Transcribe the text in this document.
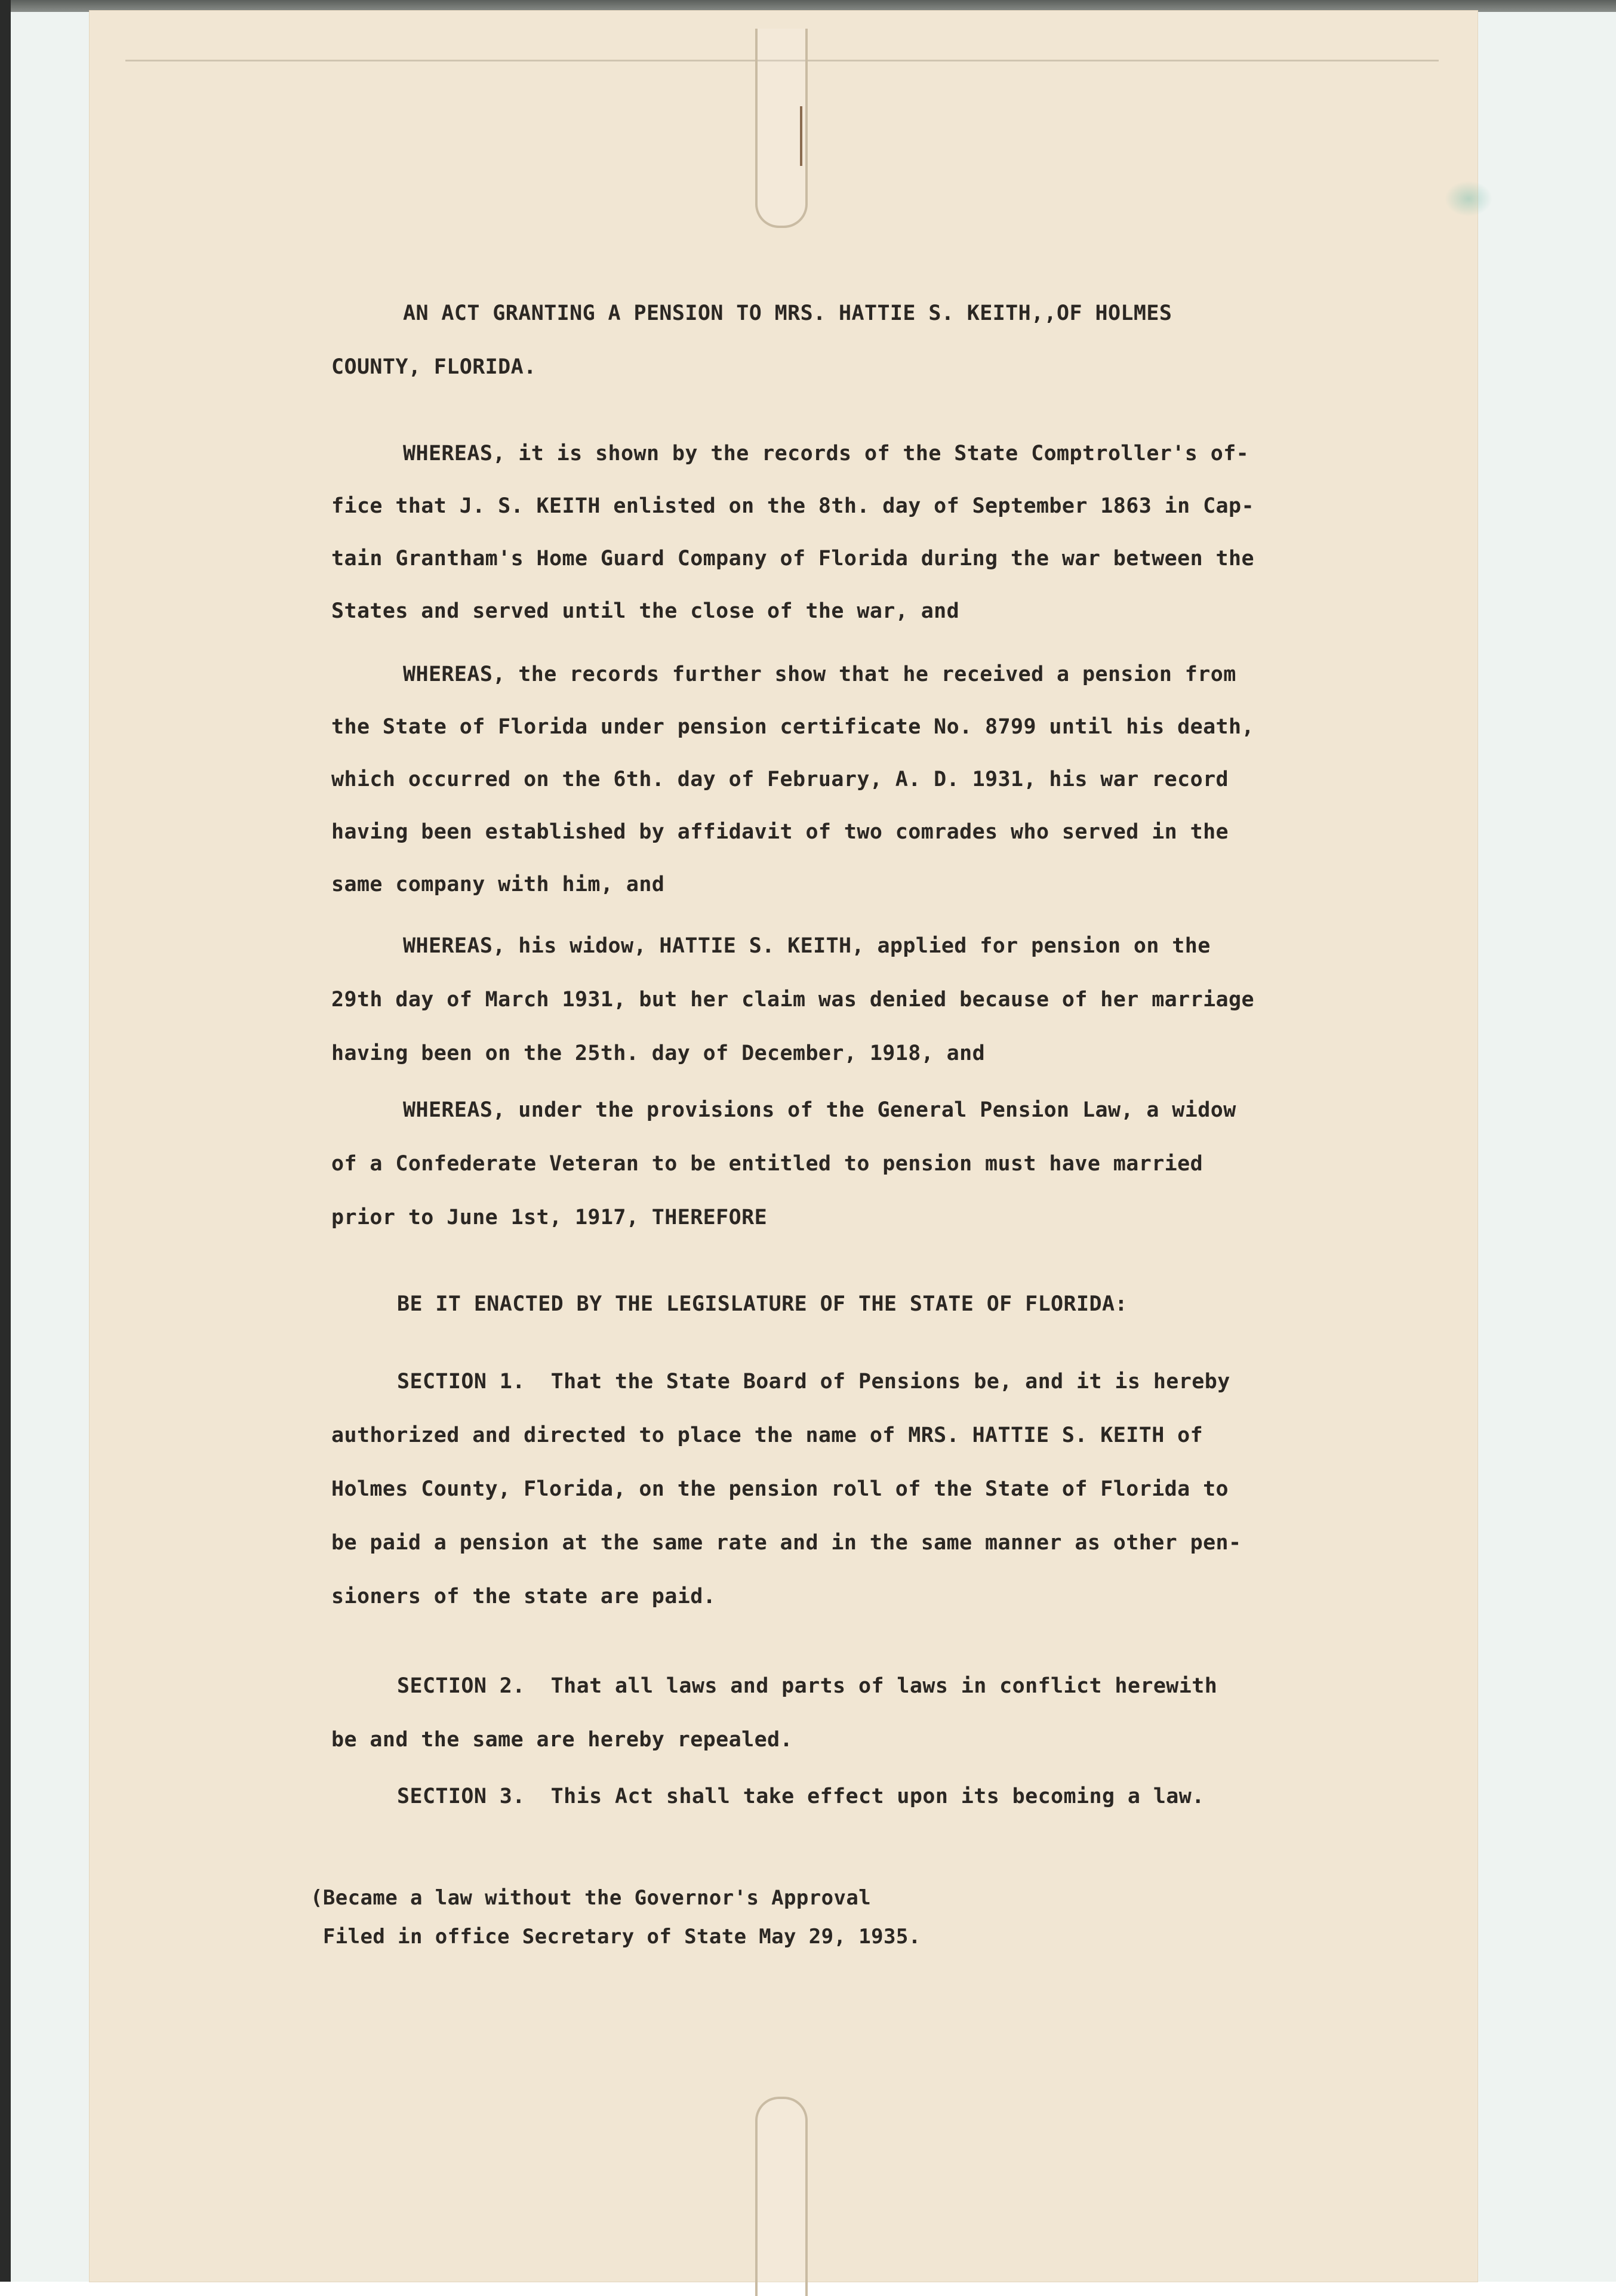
AN ACT GRANTING A PENSION TO MRS. HATTIE S. KEITH,,OF HOLMES
COUNTY, FLORIDA.
WHEREAS, it is shown by the records of the State Comptroller's of-
fice that J. S. KEITH enlisted on the 8th. day of September 1863 in Cap-
tain Grantham's Home Guard Company of Florida during the war between the
States and served until the close of the war, and
WHEREAS, the records further show that he received a pension from
the State of Florida under pension certificate No. 8799 until his death,
which occurred on the 6th. day of February, A. D. 1931, his war record
having been established by affidavit of two comrades who served in the
same company with him, and
WHEREAS, his widow, HATTIE S. KEITH, applied for pension on the
29th day of March 1931, but her claim was denied because of her marriage
having been on the 25th. day of December, 1918, and
WHEREAS, under the provisions of the General Pension Law, a widow
of a Confederate Veteran to be entitled to pension must have married
prior to June 1st, 1917, THEREFORE
BE IT ENACTED BY THE LEGISLATURE OF THE STATE OF FLORIDA:
SECTION 1.  That the State Board of Pensions be, and it is hereby
authorized and directed to place the name of MRS. HATTIE S. KEITH of
Holmes County, Florida, on the pension roll of the State of Florida to
be paid a pension at the same rate and in the same manner as other pen-
sioners of the state are paid.
SECTION 2.  That all laws and parts of laws in conflict herewith
be and the same are hereby repealed.
SECTION 3.  This Act shall take effect upon its becoming a law.
(Became a law without the Governor's Approval
Filed in office Secretary of State May 29, 1935.
